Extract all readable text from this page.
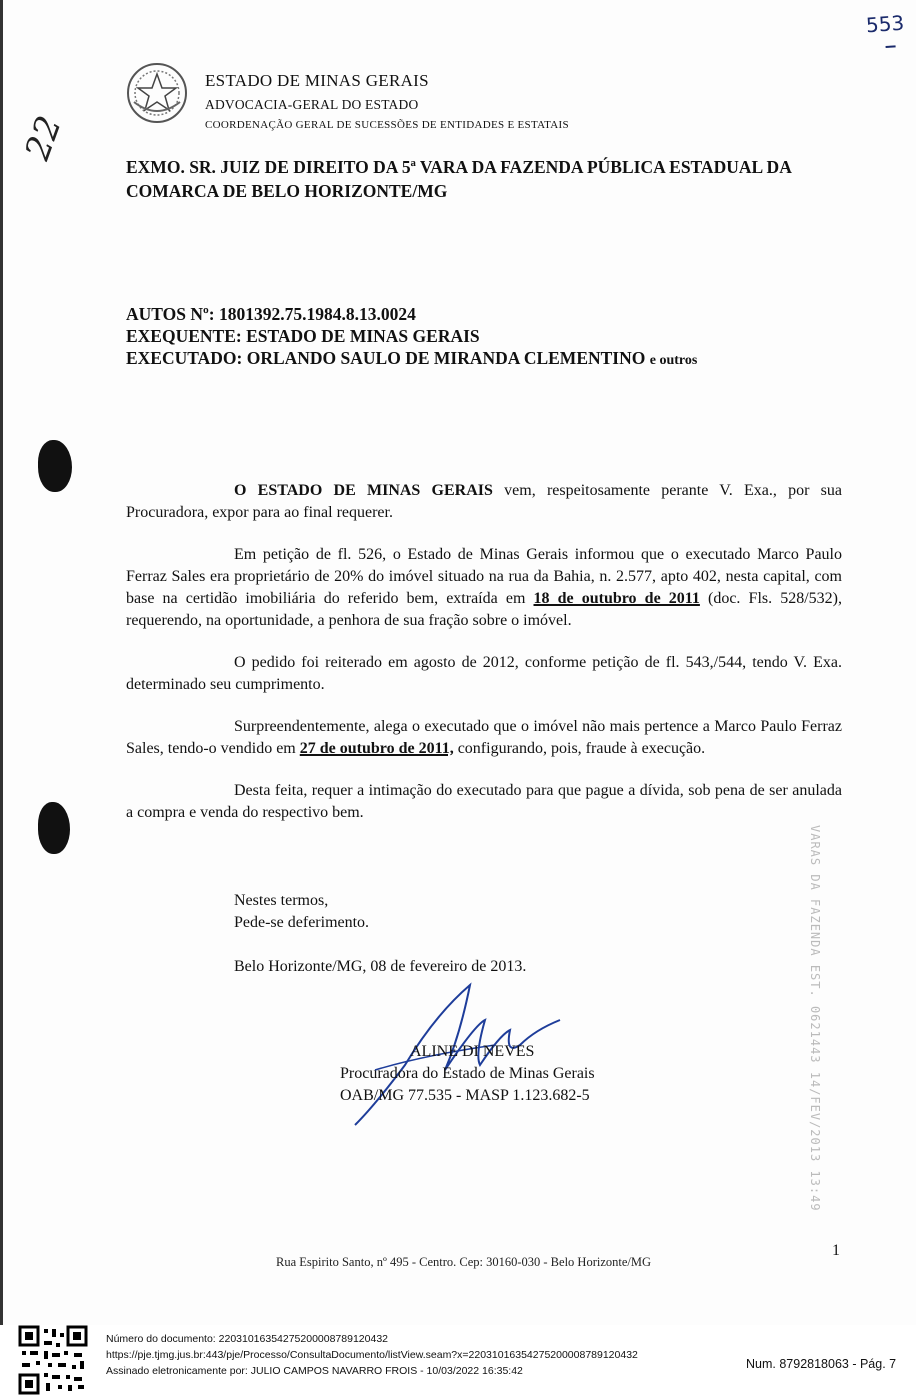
553
22
ESTADO DE MINAS GERAIS
ADVOCACIA-GERAL DO ESTADO
COORDENAÇÃO GERAL DE SUCESSÕES DE ENTIDADES E ESTATAIS
EXMO. SR. JUIZ DE DIREITO DA 5ª VARA DA FAZENDA PÚBLICA ESTADUAL DA COMARCA DE BELO HORIZONTE/MG
AUTOS Nº: 1801392.75.1984.8.13.0024
EXEQUENTE: ESTADO DE MINAS GERAIS
EXECUTADO: ORLANDO SAULO DE MIRANDA CLEMENTINO e outros

O ESTADO DE MINAS GERAIS vem, respeitosamente perante V. Exa., por sua Procuradora, expor para ao final requerer.

Em petição de fl. 526, o Estado de Minas Gerais informou que o executado Marco Paulo Ferraz Sales era proprietário de 20% do imóvel situado na rua da Bahia, n. 2.577, apto 402, nesta capital, com base na certidão imobiliária do referido bem, extraída em 18 de outubro de 2011 (doc. Fls. 528/532), requerendo, na oportunidade, a penhora de sua fração sobre o imóvel.

O pedido foi reiterado em agosto de 2012, conforme petição de fl. 543,/544, tendo V. Exa. determinado seu cumprimento.

Surpreendentemente, alega o executado que o imóvel não mais pertence a Marco Paulo Ferraz Sales, tendo-o vendido em 27 de outubro de 2011, configurando, pois, fraude à execução.

Desta feita, requer a intimação do executado para que pague a dívida, sob pena de ser anulada a compra e venda do respectivo bem.

Nestes termos,
Pede-se deferimento.
Belo Horizonte/MG, 08 de fevereiro de 2013.
ALINE DI NEVES
Procuradora do Estado de Minas Gerais
OAB/MG 77.535 - MASP 1.123.682-5	VARAS DA FAZENDA EST. 0621443 14/FEV/2013 13:49
1
Rua Espirito Santo, nº 495 - Centro. Cep: 30160-030 - Belo Horizonte/MG
Número do documento: 22031016354275200008789120432
https://pje.tjmg.jus.br:443/pje/Processo/ConsultaDocumento/listView.seam?x=22031016354275200008789120432
Assinado eletronicamente por: JULIO CAMPOS NAVARRO FROIS - 10/03/2022 16:35:42	Num. 8792818063 - Pág. 7
